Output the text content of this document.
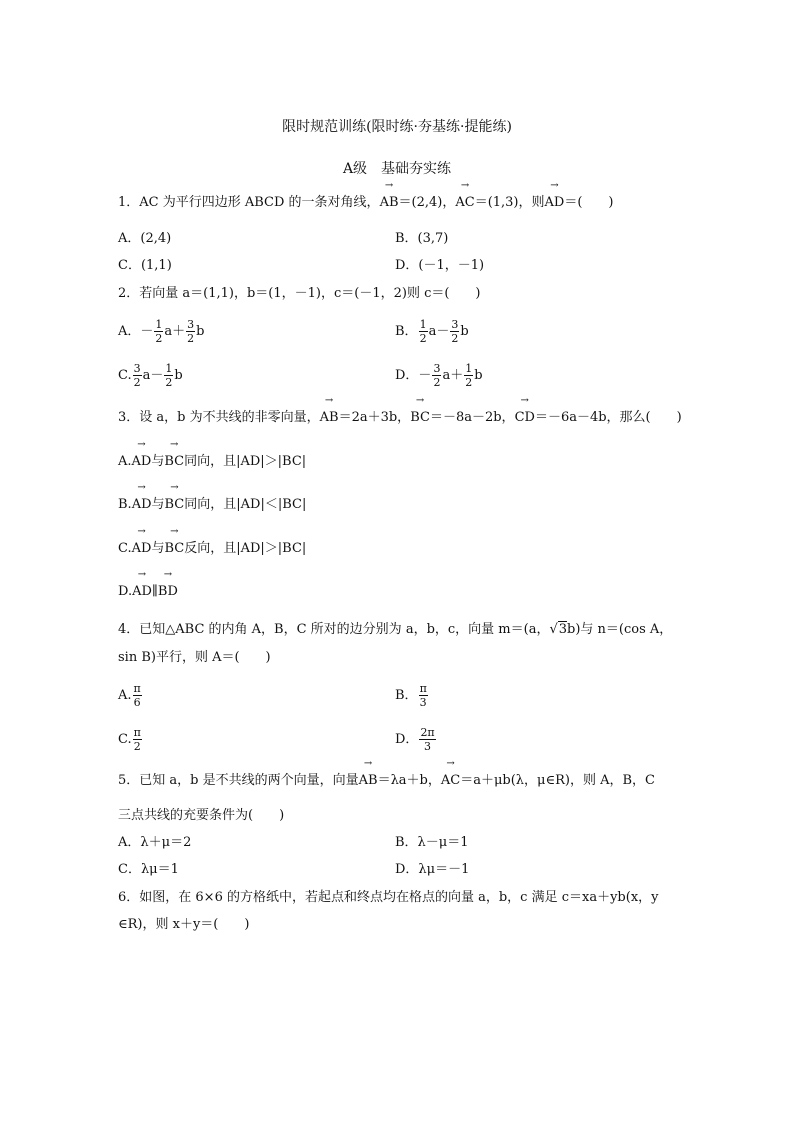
限时规范训练(限时练·夯基练·提能练)
A级　基础夯实练
1．AC 为平行四边形 ABCD 的一条对角线，→ AB＝(2,4)，→ AC＝(1,3)，则→ AD＝(　　)
A．(2,4)	B．(3,7)
C．(1,1)	D．(－1，－1)
2．若向量 a＝(1,1)，b＝(1，－1)，c＝(－1，2)则 c＝(　　)
A．－ $\frac{1}{2} a+ \frac{3}{2}$ b	B． $\frac{1}{2} a- \frac{3}{2}$ b
C. $\frac{3}{2} a- \frac{1}{2}$ b	D．－ $\frac{3}{2} a+ \frac{1}{2}$ b
3．设 a，b 为不共线的非零向量，→ AB＝2a＋3b，→ BC＝－8a－2b，→ CD＝－6a－4b，那么(　　)
A.→ AD与→ BC同向，且|AD|＞|BC|
B.→ AD与→ BC同向，且|AD|＜|BC|
C.→ AD与→ BC反向，且|AD|＞|BC|
D.→ AD∥→ BD
4．已知△ABC 的内角 A，B，C 所对的边分别为 a，b，c，向量 m＝(a，√3b)与 n＝(cos A，
sin B)平行，则 A＝(　　)
A. $\frac{\pi}{6}$	B． $\frac{\pi}{3}$
C. $\frac{\pi}{2}$	D． $\frac{2\pi}{3}$
5．已知 a，b 是不共线的两个向量，向量→ AB＝λa＋b，→ AC＝a＋μb(λ，μ∈R)，则 A，B，C
三点共线的充要条件为(　　)
A．λ＋μ＝2	B．λ－μ＝1
C．λμ＝1	D．λμ＝－1
6．如图，在 6×6 的方格纸中，若起点和终点均在格点的向量 a，b，c 满足 c＝xa＋yb(x，y
∈R)，则 x＋y＝(　　)
